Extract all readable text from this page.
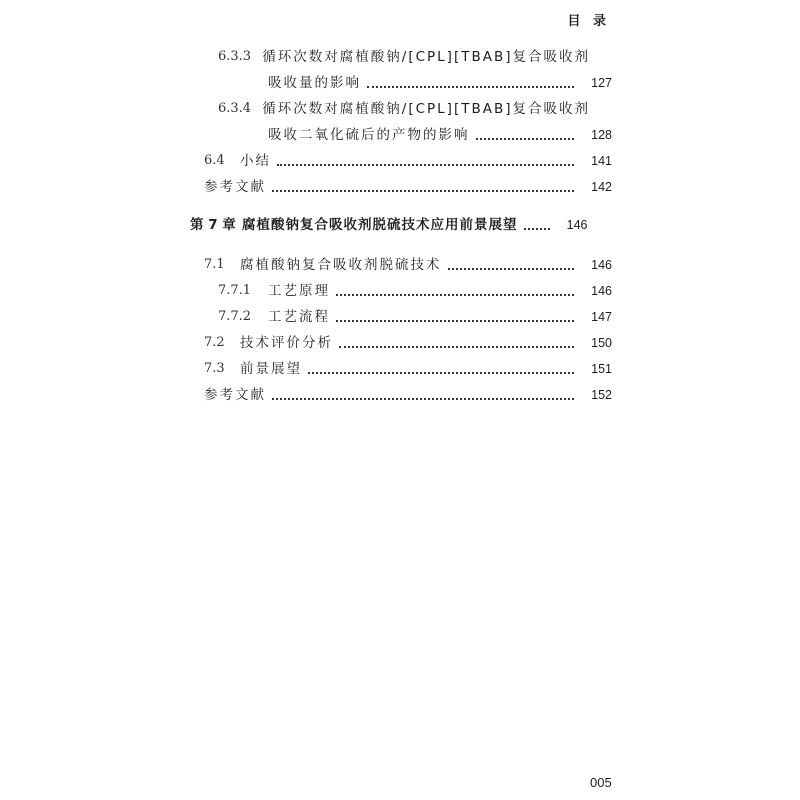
目 录
6.3.3 循环次数对腐植酸钠/[CPL][TBAB]复合吸收剂
吸收量的影响	127
6.3.4 循环次数对腐植酸钠/[CPL][TBAB]复合吸收剂
吸收二氧化硫后的产物的影响	128
6.4	小结	141
参考文献	142
第 7 章 腐植酸钠复合吸收剂脱硫技术应用前景展望	146
7.1	腐植酸钠复合吸收剂脱硫技术	146
7.7.1	工艺原理	146
7.7.2	工艺流程	147
7.2	技术评价分析	150
7.3	前景展望	151
参考文献	152
005
